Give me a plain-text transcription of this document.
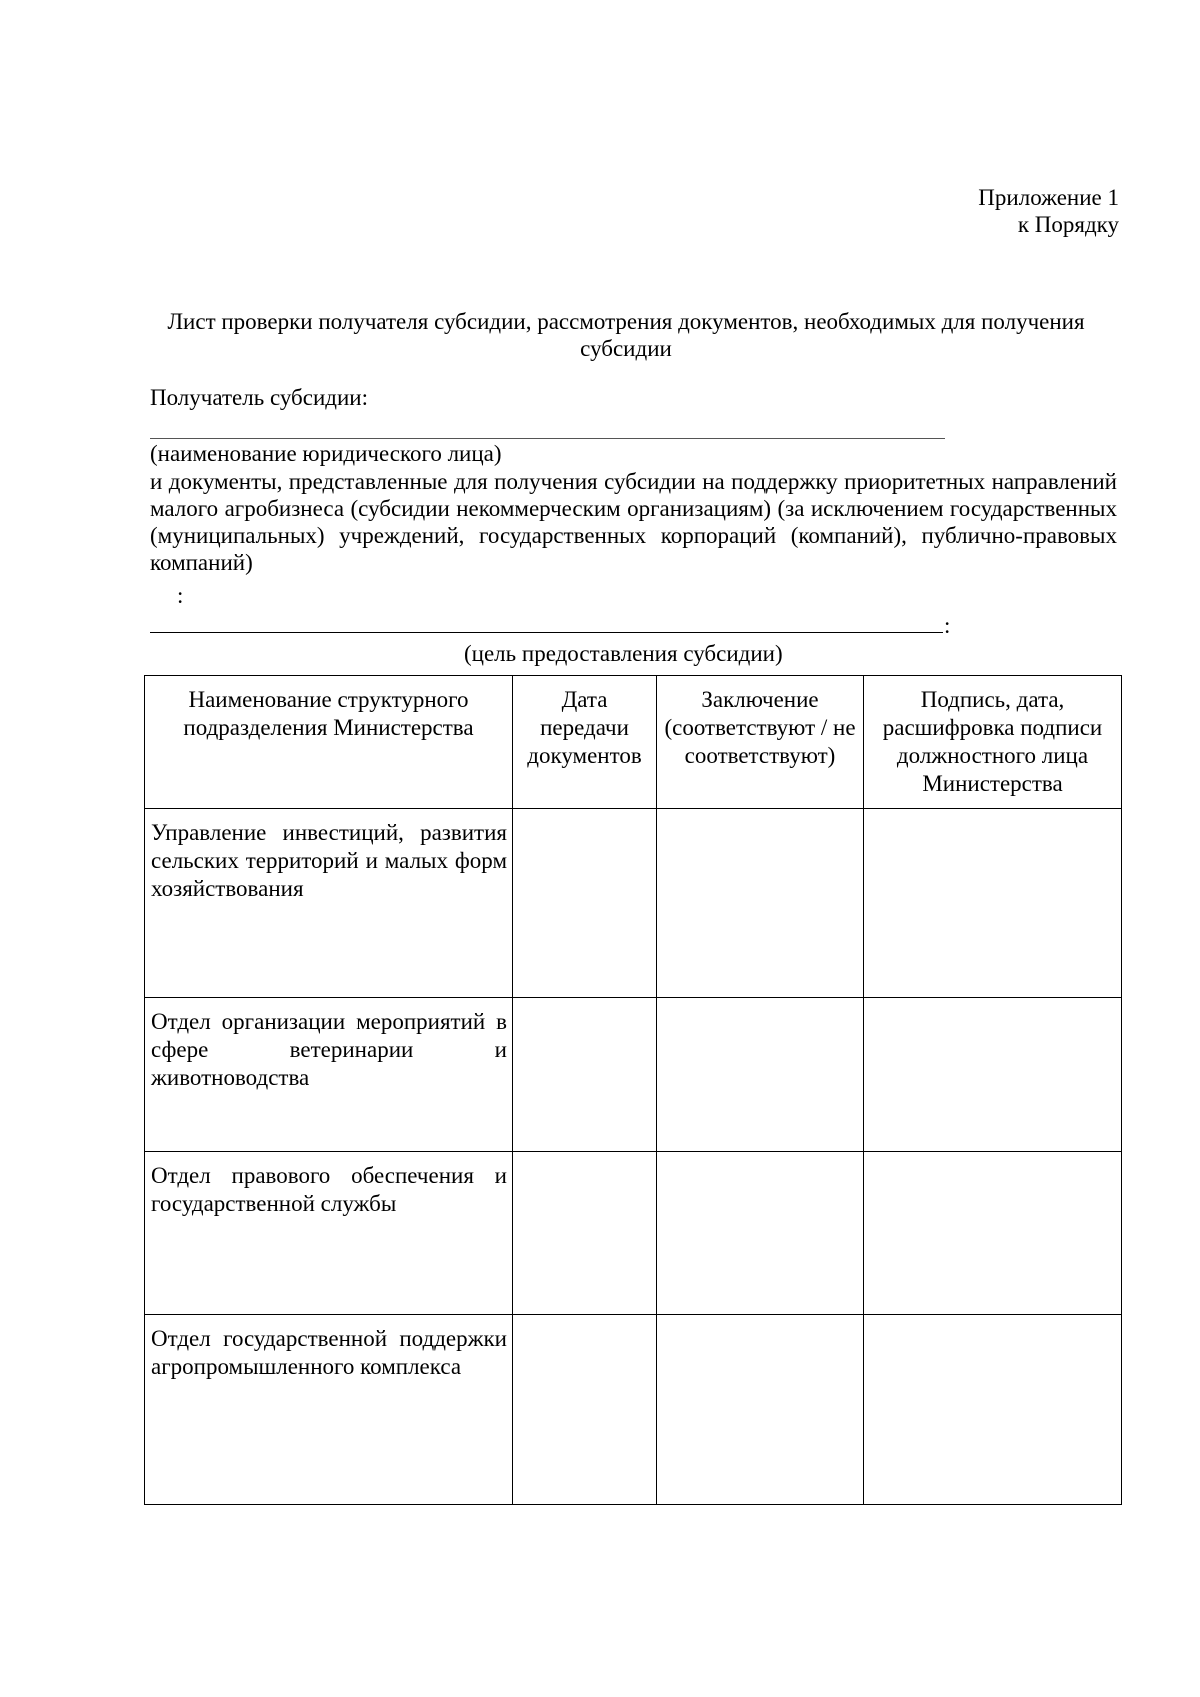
Приложение 1
к Порядку
Лист проверки получателя субсидии, рассмотрения документов, необходимых для получения субсидии
Получатель субсидии:
(наименование юридического лица)
и документы, представленные для получения субсидии на поддержку приоритетных направлений малого агробизнеса (субсидии некоммерческим организациям) (за исключением государственных (муниципальных) учреждений, государственных корпораций (компаний), публично-правовых компаний)
:
:
(цель предоставления субсидии)
Наименование структурного подразделения Министерства	Дата передачи документов	Заключение (соответствуют / не соответствуют)	Подпись, дата, расшифровка подписи должностного лица Министерства
Управление инвестиций, развития сельских территорий и малых форм хозяйствования			
Отдел организации мероприятий в сфере ветеринарии и животноводства			
Отдел правового обеспечения и государственной службы			
Отдел государственной поддержки агропромышленного комплекса			
